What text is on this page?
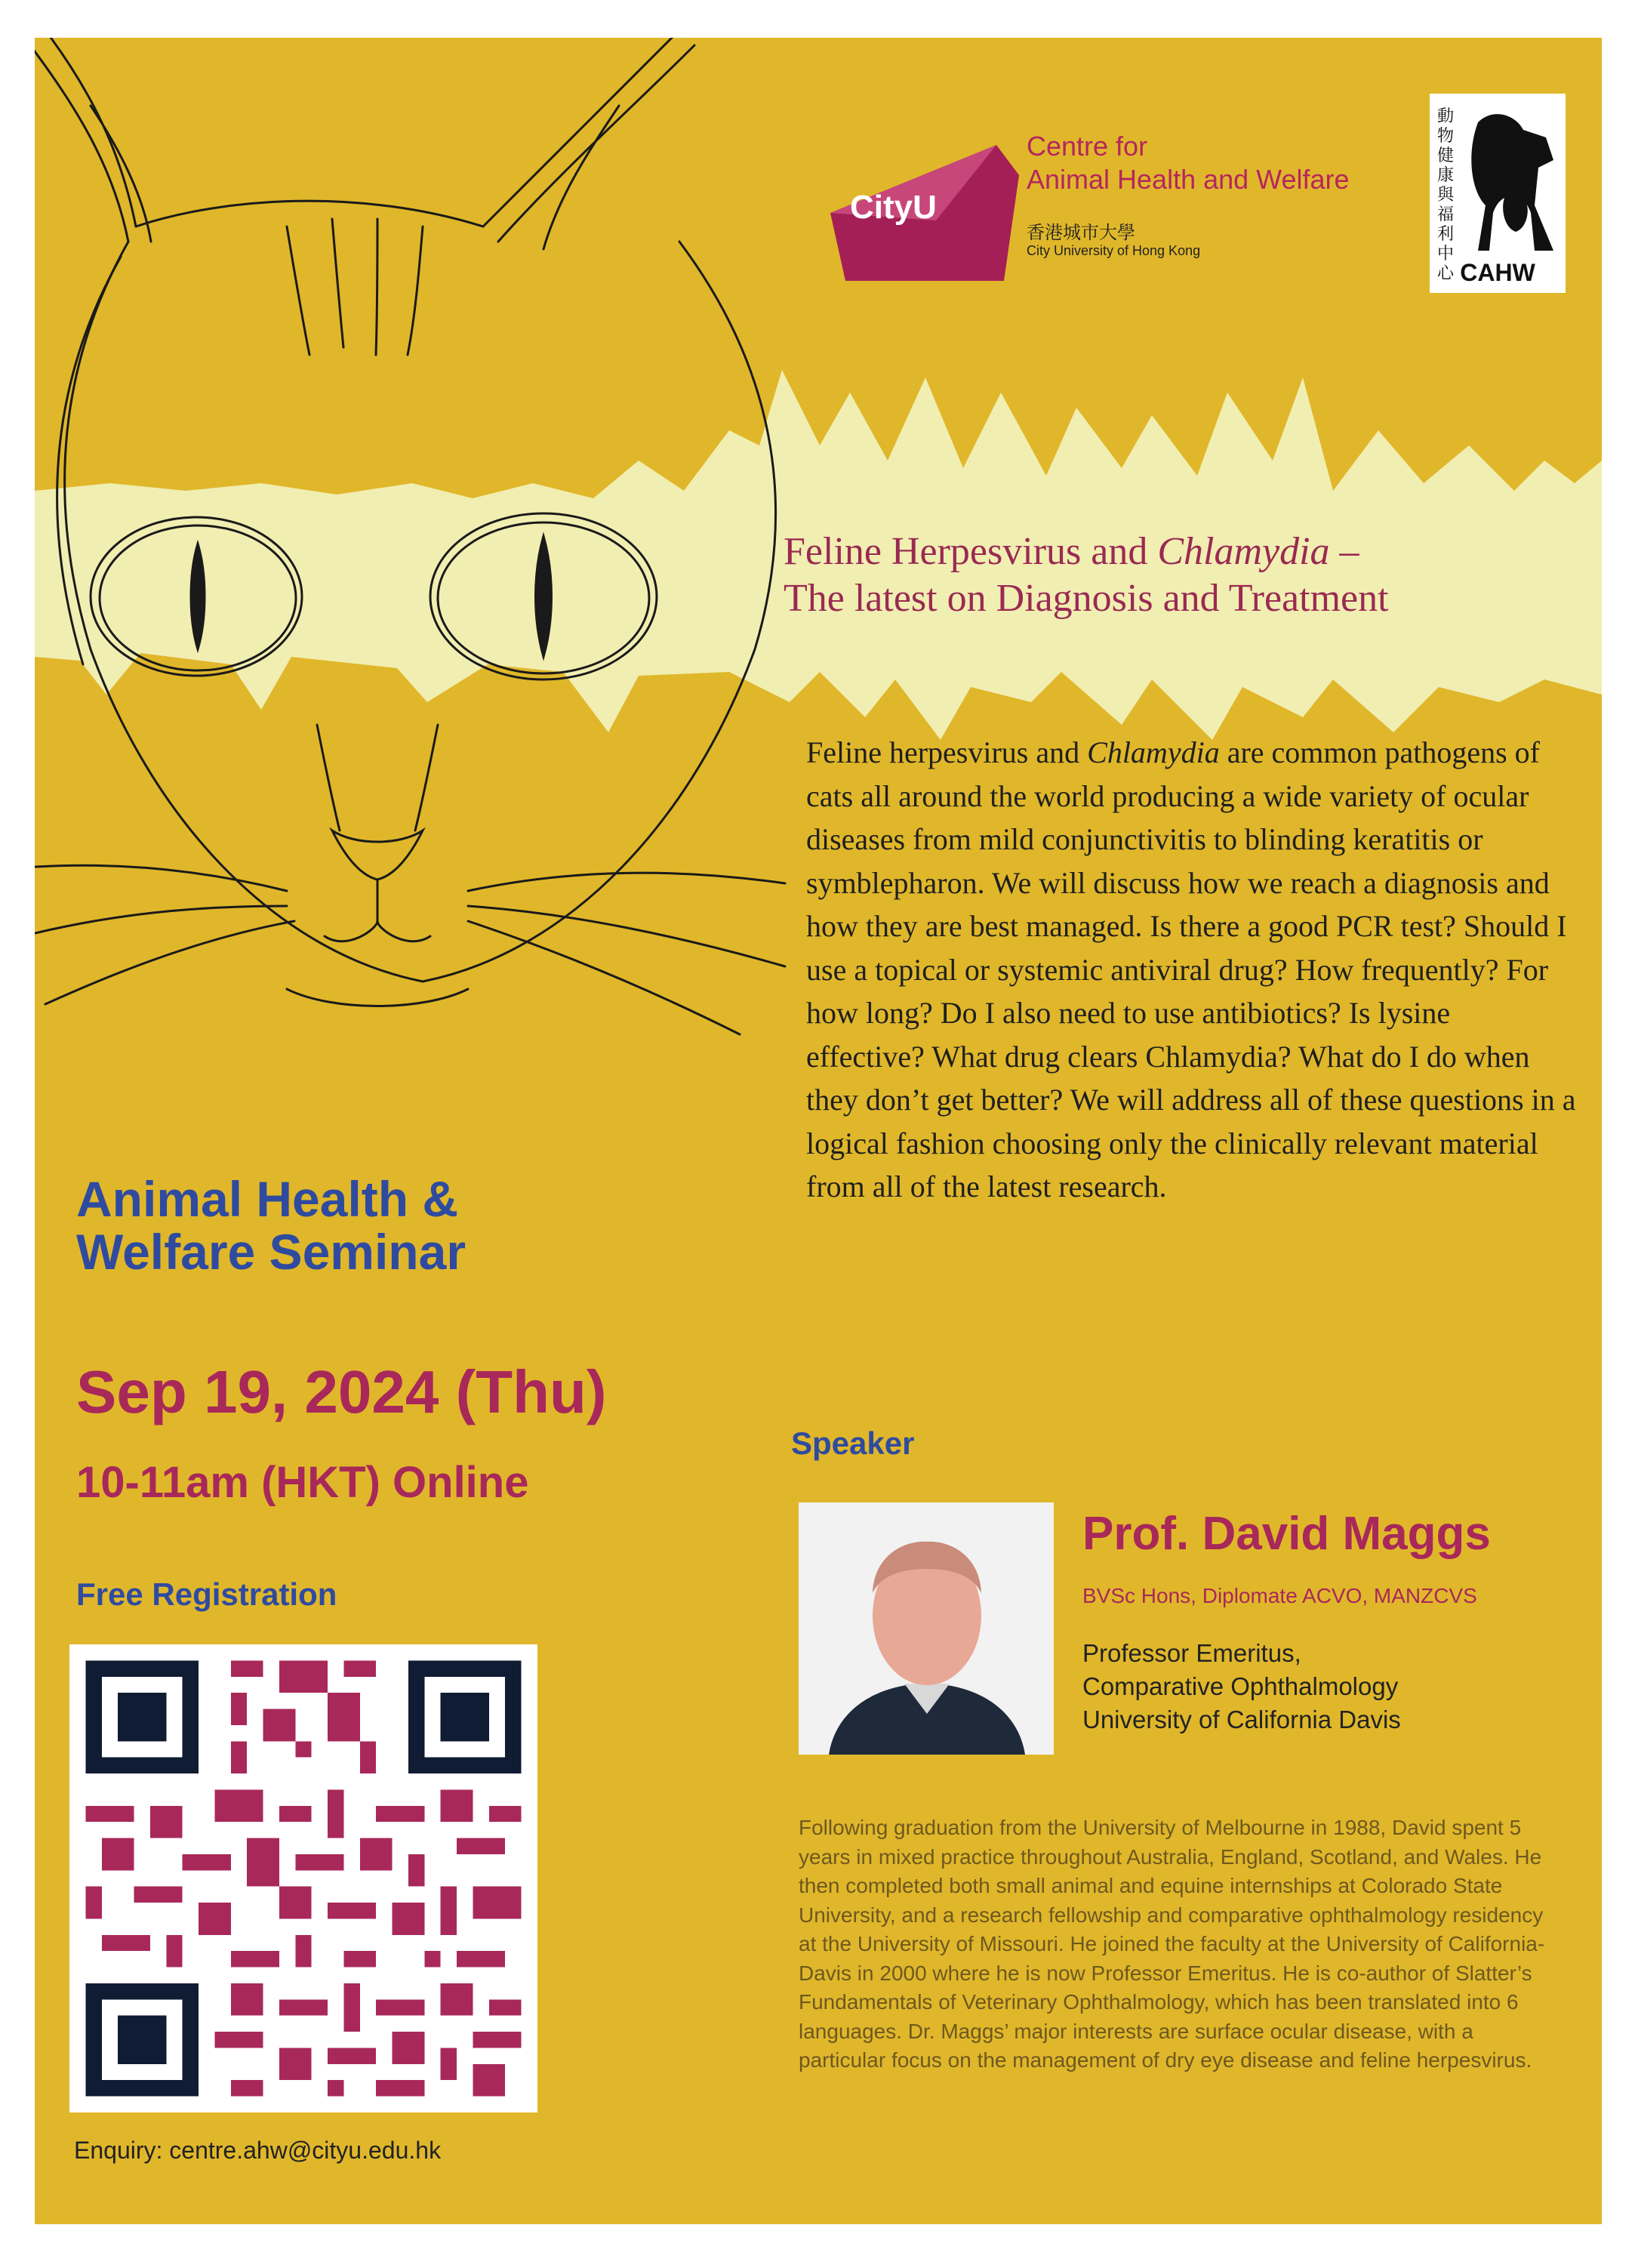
CityU
Centre for
Animal Health and Welfare
香港城市大學
City University of Hong Kong
動物健康與福利中心 CAHW
Feline Herpesvirus and Chlamydia –
The latest on Diagnosis and Treatment
Feline herpesvirus and Chlamydia are common pathogens of cats all around the world producing a wide variety of ocular diseases from mild conjunctivitis to blinding keratitis or symblepharon. We will discuss how we reach a diagnosis and how they are best managed. Is there a good PCR test? Should I use a topical or systemic antiviral drug? How frequently? For how long? Do I also need to use antibiotics? Is lysine effective? What drug clears Chlamydia? What do I do when they don’t get better? We will address all of these questions in a logical fashion choosing only the clinically relevant material from all of the latest research.
Animal Health & Welfare Seminar
Sep 19, 2024 (Thu)
10-11am (HKT) Online
Free Registration
Enquiry: centre.ahw@cityu.edu.hk
Speaker
Prof. David Maggs
BVSc Hons, Diplomate ACVO, MANZCVS
Professor Emeritus,
Comparative Ophthalmology
University of California Davis
Following graduation from the University of Melbourne in 1988, David spent 5 years in mixed practice throughout Australia, England, Scotland, and Wales. He then completed both small animal and equine internships at Colorado State University, and a research fellowship and comparative ophthalmology residency at the University of Missouri. He joined the faculty at the University of California-Davis in 2000 where he is now Professor Emeritus. He is co-author of Slatter’s Fundamentals of Veterinary Ophthalmology, which has been translated into 6 languages. Dr. Maggs’ major interests are surface ocular disease, with a particular focus on the management of dry eye disease and feline herpesvirus.
